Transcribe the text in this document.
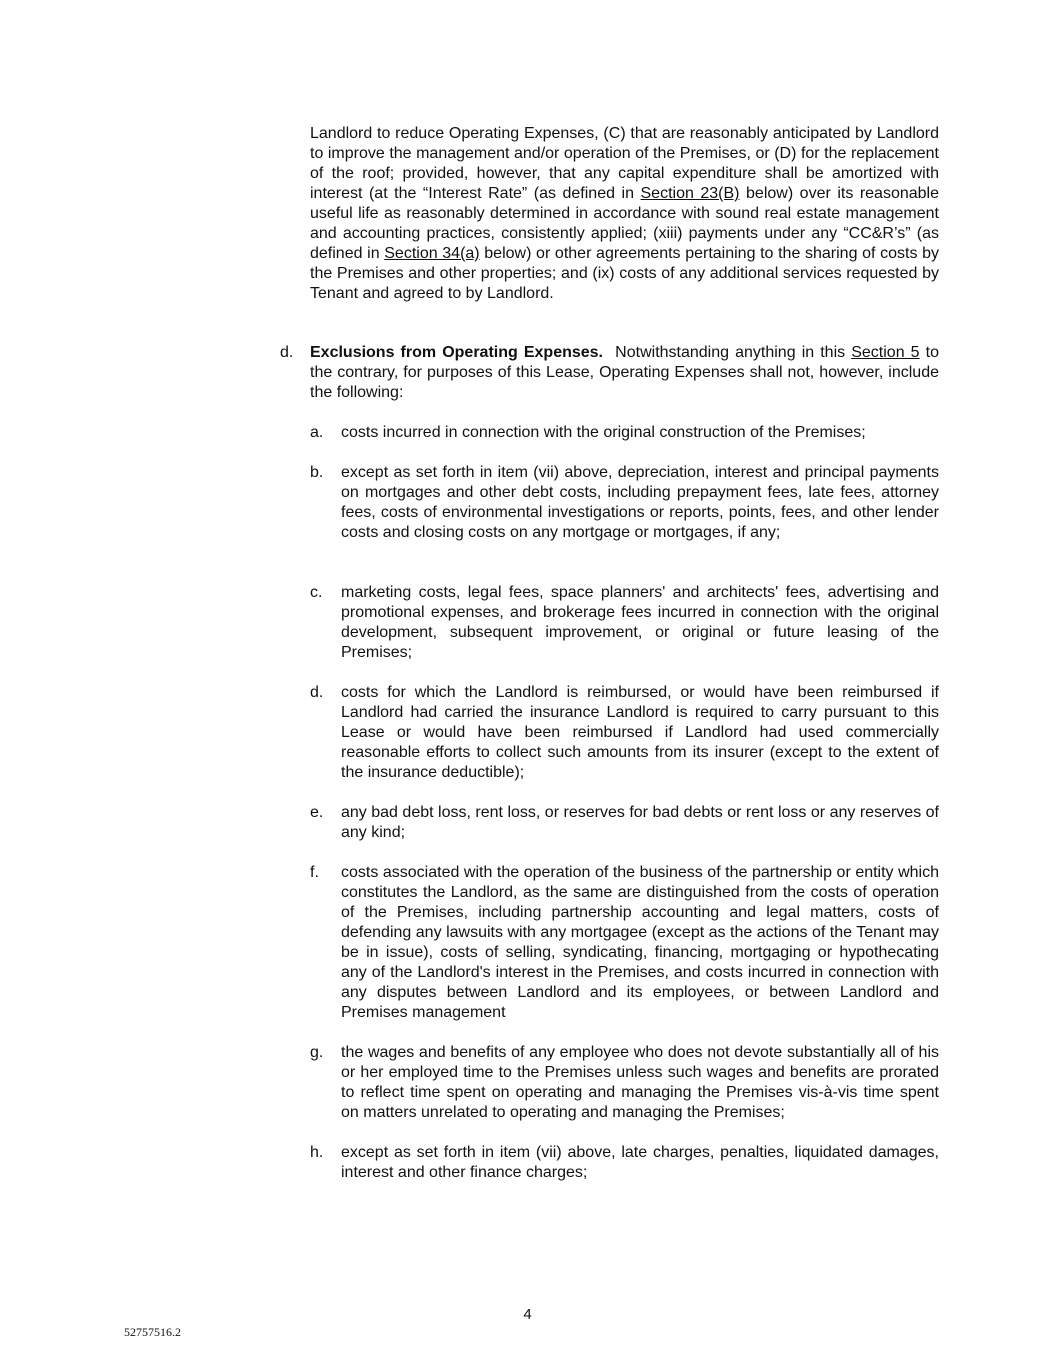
Landlord to reduce Operating Expenses, (C) that are reasonably anticipated by Landlord to improve the management and/or operation of the Premises, or (D) for the replacement of the roof; provided, however, that any capital expenditure shall be amortized with interest (at the “Interest Rate” (as defined in Section 23(B) below) over its reasonable useful life as reasonably determined in accordance with sound real estate management and accounting practices, consistently applied; (xiii) payments under any “CC&R’s” (as defined in Section 34(a) below) or other agreements pertaining to the sharing of costs by the Premises and other properties; and (ix) costs of any additional services requested by Tenant and agreed to by Landlord.

d. Exclusions from Operating Expenses.  Notwithstanding anything in this Section 5 to the contrary, for purposes of this Lease, Operating Expenses shall not, however, include the following:
a. costs incurred in connection with the original construction of the Premises;
b. except as set forth in item (vii) above, depreciation, interest and principal payments on mortgages and other debt costs, including prepayment fees, late fees, attorney fees, costs of environmental investigations or reports, points, fees, and other lender costs and closing costs on any mortgage or mortgages, if any;
c. marketing costs, legal fees, space planners' and architects' fees, advertising and promotional expenses, and brokerage fees incurred in connection with the original development, subsequent improvement, or original or future leasing of the Premises;
d. costs for which the Landlord is reimbursed, or would have been reimbursed if Landlord had carried the insurance Landlord is required to carry pursuant to this Lease or would have been reimbursed if Landlord had used commercially reasonable efforts to collect such amounts from its insurer (except to the extent of the insurance deductible);
e. any bad debt loss, rent loss, or reserves for bad debts or rent loss or any reserves of any kind;
f. costs associated with the operation of the business of the partnership or entity which constitutes the Landlord, as the same are distinguished from the costs of operation of the Premises, including partnership accounting and legal matters, costs of defending any lawsuits with any mortgagee (except as the actions of the Tenant may be in issue), costs of selling, syndicating, financing, mortgaging or hypothecating any of the Landlord's interest in the Premises, and costs incurred in connection with any disputes between Landlord and its employees, or between Landlord and Premises management
g. the wages and benefits of any employee who does not devote substantially all of his or her employed time to the Premises unless such wages and benefits are prorated to reflect time spent on operating and managing the Premises vis-à-vis time spent on matters unrelated to operating and managing the Premises;
h. except as set forth in item (vii) above, late charges, penalties, liquidated damages, interest and other finance charges;
4
52757516.2
